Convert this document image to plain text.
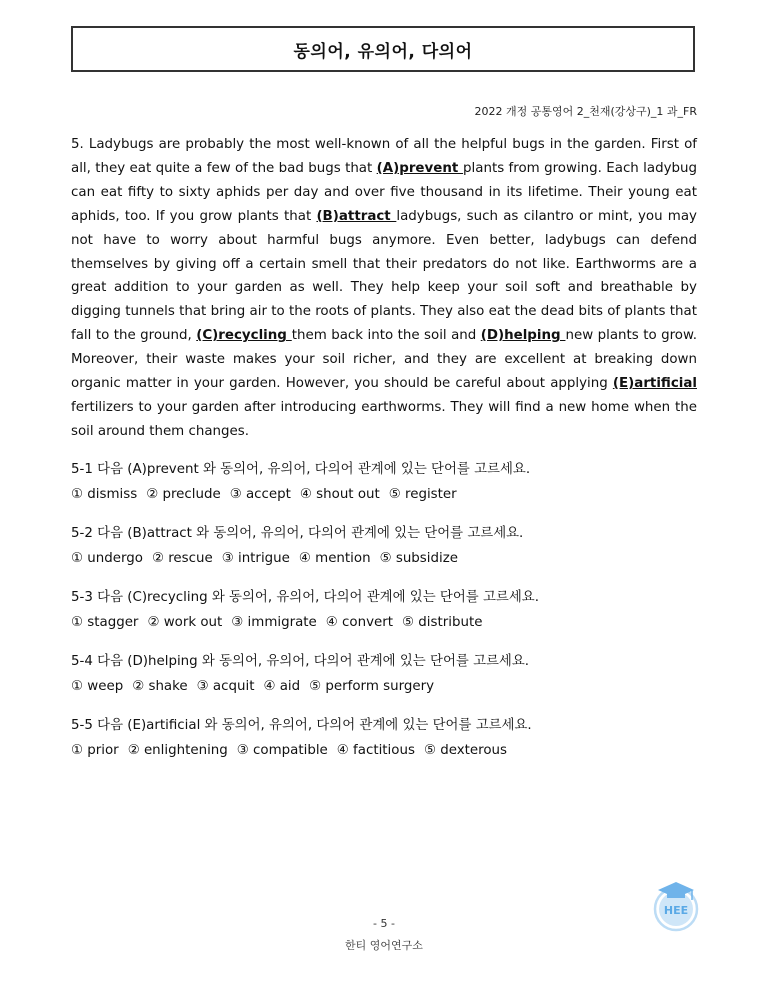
동의어, 유의어, 다의어
2022 개정 공통영어 2_천재(강상구)_1 과_FR

5. Ladybugs are probably the most well-known of all the helpful bugs in the garden. First of all, they eat quite a few of the bad bugs that (A)prevent plants from growing. Each ladybug can eat fifty to sixty aphids per day and over five thousand in its lifetime. Their young eat aphids, too. If you grow plants that (B)attract ladybugs, such as cilantro or mint, you may not have to worry about harmful bugs anymore. Even better, ladybugs can defend themselves by giving off a certain smell that their predators do not like. Earthworms are a great addition to your garden as well. They help keep your soil soft and breathable by digging tunnels that bring air to the roots of plants. They also eat the dead bits of plants that fall to the ground, (C)recycling them back into the soil and (D)helping new plants to grow. Moreover, their waste makes your soil richer, and they are excellent at breaking down organic matter in your garden. However, you should be careful about applying (E)artificial fertilizers to your garden after introducing earthworms. They will find a new home when the soil around them changes.

5-1 다음 (A)prevent 와 동의어, 유의어, 다의어 관계에 있는 단어를 고르세요.
① dismiss ② preclude ③ accept ④ shout out ⑤ register
5-2 다음 (B)attract 와 동의어, 유의어, 다의어 관계에 있는 단어를 고르세요.
① undergo ② rescue ③ intrigue ④ mention ⑤ subsidize
5-3 다음 (C)recycling 와 동의어, 유의어, 다의어 관계에 있는 단어를 고르세요.
① stagger ② work out ③ immigrate ④ convert ⑤ distribute
5-4 다음 (D)helping 와 동의어, 유의어, 다의어 관계에 있는 단어를 고르세요.
① weep ② shake ③ acquit ④ aid ⑤ perform surgery
5-5 다음 (E)artificial 와 동의어, 유의어, 다의어 관계에 있는 단어를 고르세요.
① prior ② enlightening ③ compatible ④ factitious ⑤ dexterous
- 5 -
한티 영어연구소
HEE
